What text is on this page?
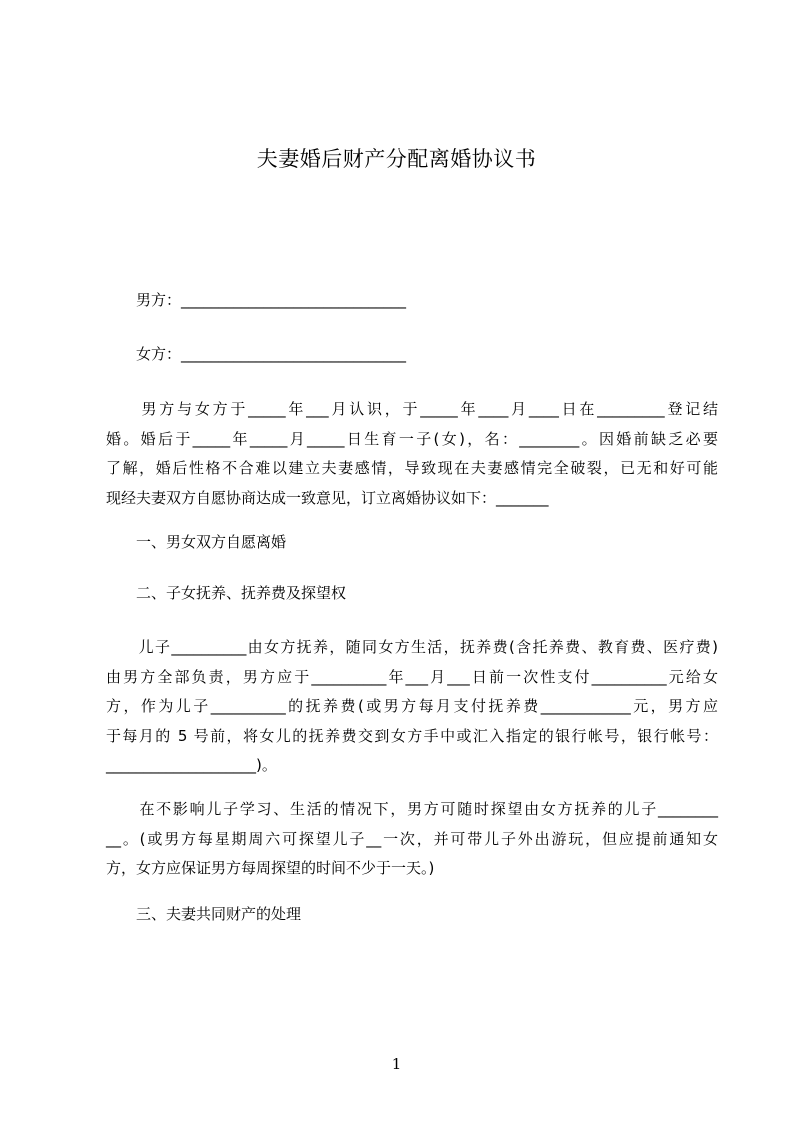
夫妻婚后财产分配离婚协议书
男方：______________________________
女方：______________________________
　　男方与女方于_____年___月认识，于_____年____月____日在_________登记结
婚。婚后于_____年_____月_____日生育一子(女)，名：________。因婚前缺乏必要
了解，婚后性格不合难以建立夫妻感情，导致现在夫妻感情完全破裂，已无和好可能
现经夫妻双方自愿协商达成一致意见，订立离婚协议如下：_______
一、男女双方自愿离婚
二、子女抚养、抚养费及探望权
　　儿子__________由女方抚养，随同女方生活，抚养费(含托养费、教育费、医疗费)
由男方全部负责，男方应于__________年___月___日前一次性支付__________元给女
方，作为儿子__________的抚养费(或男方每月支付抚养费____________元，男方应
于每月的 5 号前，将女儿的抚养费交到女方手中或汇入指定的银行帐号，银行帐号：
____________________)。
　　在不影响儿子学习、生活的情况下，男方可随时探望由女方抚养的儿子________
__。(或男方每星期周六可探望儿子__一次，并可带儿子外出游玩，但应提前通知女
方，女方应保证男方每周探望的时间不少于一天。)
三、夫妻共同财产的处理
1
